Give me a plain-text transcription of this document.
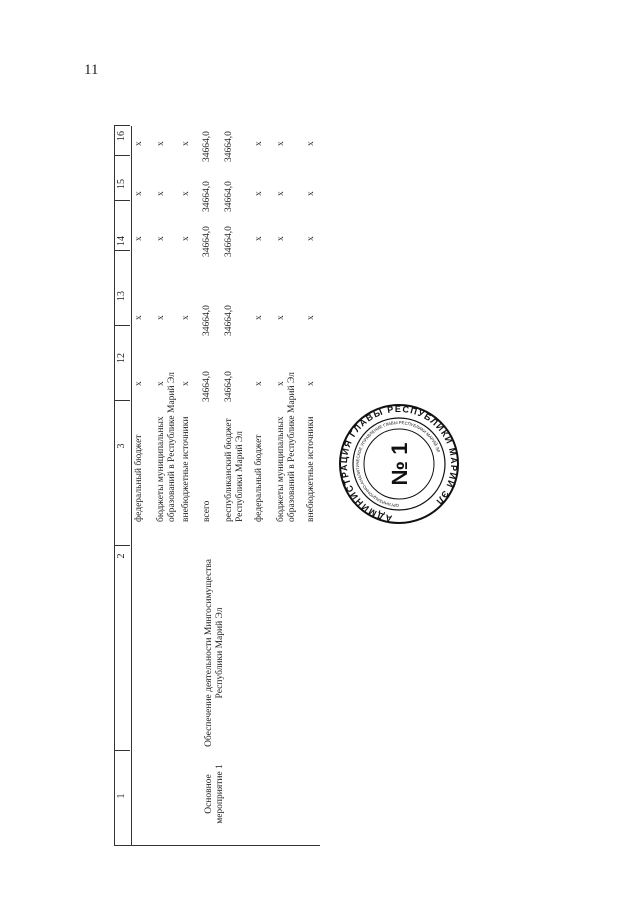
11
1
2
3
12
13
14
15
16
Основное мероприятие 1
Обеспечение деятельности Мингосимущества Республики Марий Эл
федеральный бюджет
x
x
x
x
x
бюджеты муниципальных образований в Республике Марий Эл
x
x
x
x
x
внебюджетные источники
x
x
x
x
x
всего
34664,0
34664,0
34664,0
34664,0
34664,0
республиканский бюджет Республики Марий Эл
34664,0
34664,0
34664,0
34664,0
34664,0
федеральный бюджет
x
x
x
x
x
бюджеты муниципальных образований в Республике Марий Эл
x
x
x
x
x
внебюджетные источники
x
x
x
x
x
АДМИНИСТРАЦИЯ ГЛАВЫ РЕСПУБЛИКИ МАРИЙ ЭЛ
ОРГАНИЗАЦИОННО-АНАЛИТИЧЕСКОЕ УПРАВЛЕНИЕ ГЛАВЫ РЕСПУБЛИКИ МАРИЙ ЭЛ
№ 1
